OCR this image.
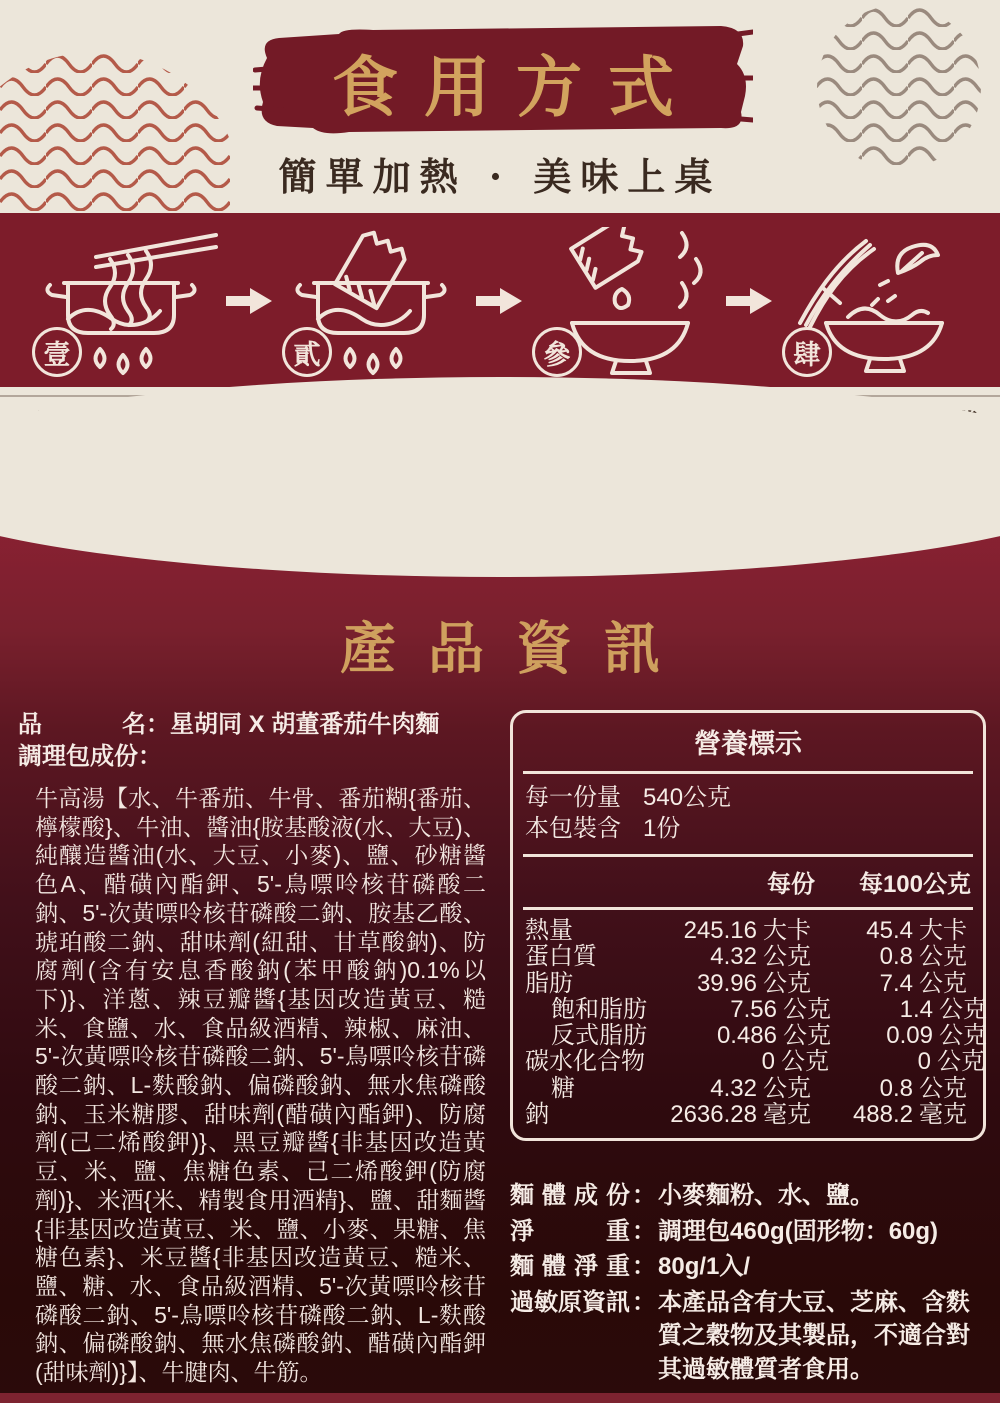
食用方式
簡單加熱 · 美味上桌
壹	貳	參	肆

產品資訊
品名 ： 星胡同 X 胡董番茄牛肉麵
調理包成份：
牛高湯【水、牛番茄、牛骨、番茄糊{番茄、檸檬酸}、牛油、醬油{胺基酸液(水、大豆)、純釀造醬油(水、大豆、小麥)、鹽、砂糖醬色A、醋磺內酯鉀、5'-鳥嘌呤核苷磷酸二鈉、5'-次黃嘌呤核苷磷酸二鈉、胺基乙酸、琥珀酸二鈉、甜味劑(紐甜、甘草酸鈉)、防腐劑(含有安息香酸鈉(苯甲酸鈉)0.1%以下)}、洋蔥、辣豆瓣醬{基因改造黃豆、糙米、食鹽、水、食品級酒精、辣椒、麻油、5'-次黃嘌呤核苷磷酸二鈉、5'-鳥嘌呤核苷磷酸二鈉、L-麩酸鈉、偏磷酸鈉、無水焦磷酸鈉、玉米糖膠、甜味劑(醋磺內酯鉀)、防腐劑(己二烯酸鉀)}、黑豆瓣醬{非基因改造黃豆、米、鹽、焦糖色素、己二烯酸鉀(防腐劑)}、米酒{米、精製食用酒精}、鹽、甜麵醬{非基因改造黃豆、米、鹽、小麥、果糖、焦糖色素}、米豆醬{非基因改造黃豆、糙米、鹽、糖、水、食品級酒精、5'-次黃嘌呤核苷磷酸二鈉、5'-鳥嘌呤核苷磷酸二鈉、L-麩酸鈉、偏磷酸鈉、無水焦磷酸鈉、醋磺內酯鉀(甜味劑)}】、牛腱肉、牛筋。
營養標示
每一份量 540公克
本包裝含 1份
每份	每100公克
熱量	245.16 大卡	45.4 大卡
蛋白質	4.32 公克	0.8 公克
脂肪	39.96 公克	7.4 公克
飽和脂肪	7.56 公克	1.4 公克
反式脂肪	0.486 公克	0.09 公克
碳水化合物	0 公克	0 公克
糖	4.32 公克	0.8 公克
鈉	2636.28 毫克	488.2 毫克
麵體成份 ： 小麥麵粉、水、鹽。
淨重 ： 調理包460g(固形物：60g)
麵體淨重 ： 80g/1入/
過敏原資訊 ： 本產品含有大豆、芝麻、含麩質之穀物及其製品，不適合對其過敏體質者食用。
